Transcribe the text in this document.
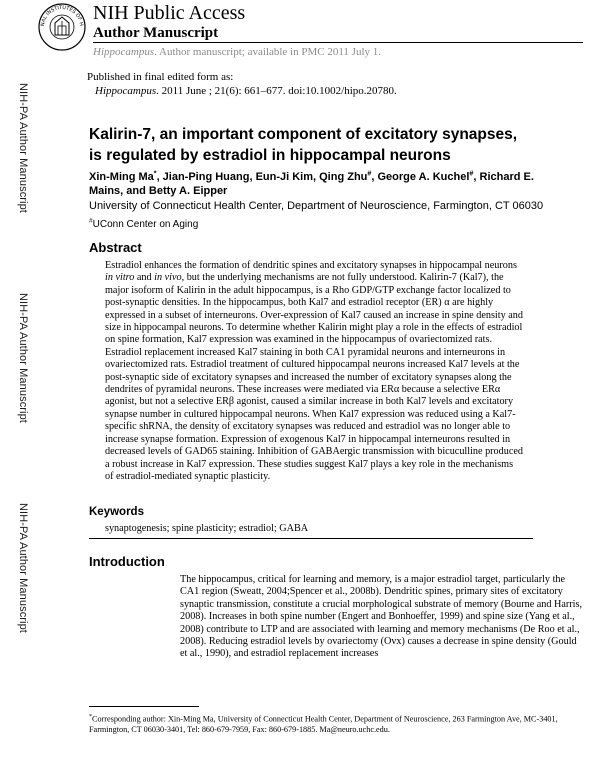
NAL INSTITUTES OF H
NIH Public Access
Author Manuscript
Hippocampus. Author manuscript; available in PMC 2011 July 1.
Published in final edited form as:
Hippocampus. 2011 June ; 21(6): 661–677. doi:10.1002/hipo.20780.
NIH-PA Author Manuscript
NIH-PA Author Manuscript
NIH-PA Author Manuscript
Kalirin-7, an important component of excitatory synapses, is regulated by estradiol in hippocampal neurons
Xin-Ming Ma*, Jian-Ping Huang, Eun-Ji Kim, Qing Zhu#, George A. Kuchel#, Richard E. Mains, and Betty A. Eipper
University of Connecticut Health Center, Department of Neuroscience, Farmington, CT 06030
#UConn Center on Aging
Abstract

Estradiol enhances the formation of dendritic spines and excitatory synapses in hippocampal neurons in vitro and in vivo, but the underlying mechanisms are not fully understood. Kalirin-7 (Kal7), the major isoform of Kalirin in the adult hippocampus, is a Rho GDP/GTP exchange factor localized to post-synaptic densities. In the hippocampus, both Kal7 and estradiol receptor (ER) α are highly expressed in a subset of interneurons. Over-expression of Kal7 caused an increase in spine density and size in hippocampal neurons. To determine whether Kalirin might play a role in the effects of estradiol on spine formation, Kal7 expression was examined in the hippocampus of ovariectomized rats. Estradiol replacement increased Kal7 staining in both CA1 pyramidal neurons and interneurons in ovariectomized rats. Estradiol treatment of cultured hippocampal neurons increased Kal7 levels at the post-synaptic side of excitatory synapses and increased the number of excitatory synapses along the dendrites of pyramidal neurons. These increases were mediated via ERα because a selective ERα agonist, but not a selective ERβ agonist, caused a similar increase in both Kal7 levels and excitatory synapse number in cultured hippocampal neurons. When Kal7 expression was reduced using a Kal7-specific shRNA, the density of excitatory synapses was reduced and estradiol was no longer able to increase synapse formation. Expression of exogenous Kal7 in hippocampal interneurons resulted in decreased levels of GAD65 staining. Inhibition of GABAergic transmission with bicuculline produced a robust increase in Kal7 expression. These studies suggest Kal7 plays a key role in the mechanisms of estradiol-mediated synaptic plasticity.

Keywords
synaptogenesis; spine plasticity; estradiol; GABA
Introduction

The hippocampus, critical for learning and memory, is a major estradiol target, particularly the CA1 region (Sweatt, 2004;Spencer et al., 2008b). Dendritic spines, primary sites of excitatory synaptic transmission, constitute a crucial morphological substrate of memory (Bourne and Harris, 2008). Increases in both spine number (Engert and Bonhoeffer, 1999) and spine size (Yang et al., 2008) contribute to LTP and are associated with learning and memory mechanisms (De Roo et al., 2008). Reducing estradiol levels by ovariectomy (Ovx) causes a decrease in spine density (Gould et al., 1990), and estradiol replacement increases

*Corresponding author: Xin-Ming Ma, University of Connecticut Health Center, Department of Neuroscience, 263 Farmington Ave, MC-3401, Farmington, CT 06030-3401, Tel: 860-679-7959, Fax: 860-679-1885. Ma@neuro.uchc.edu.
